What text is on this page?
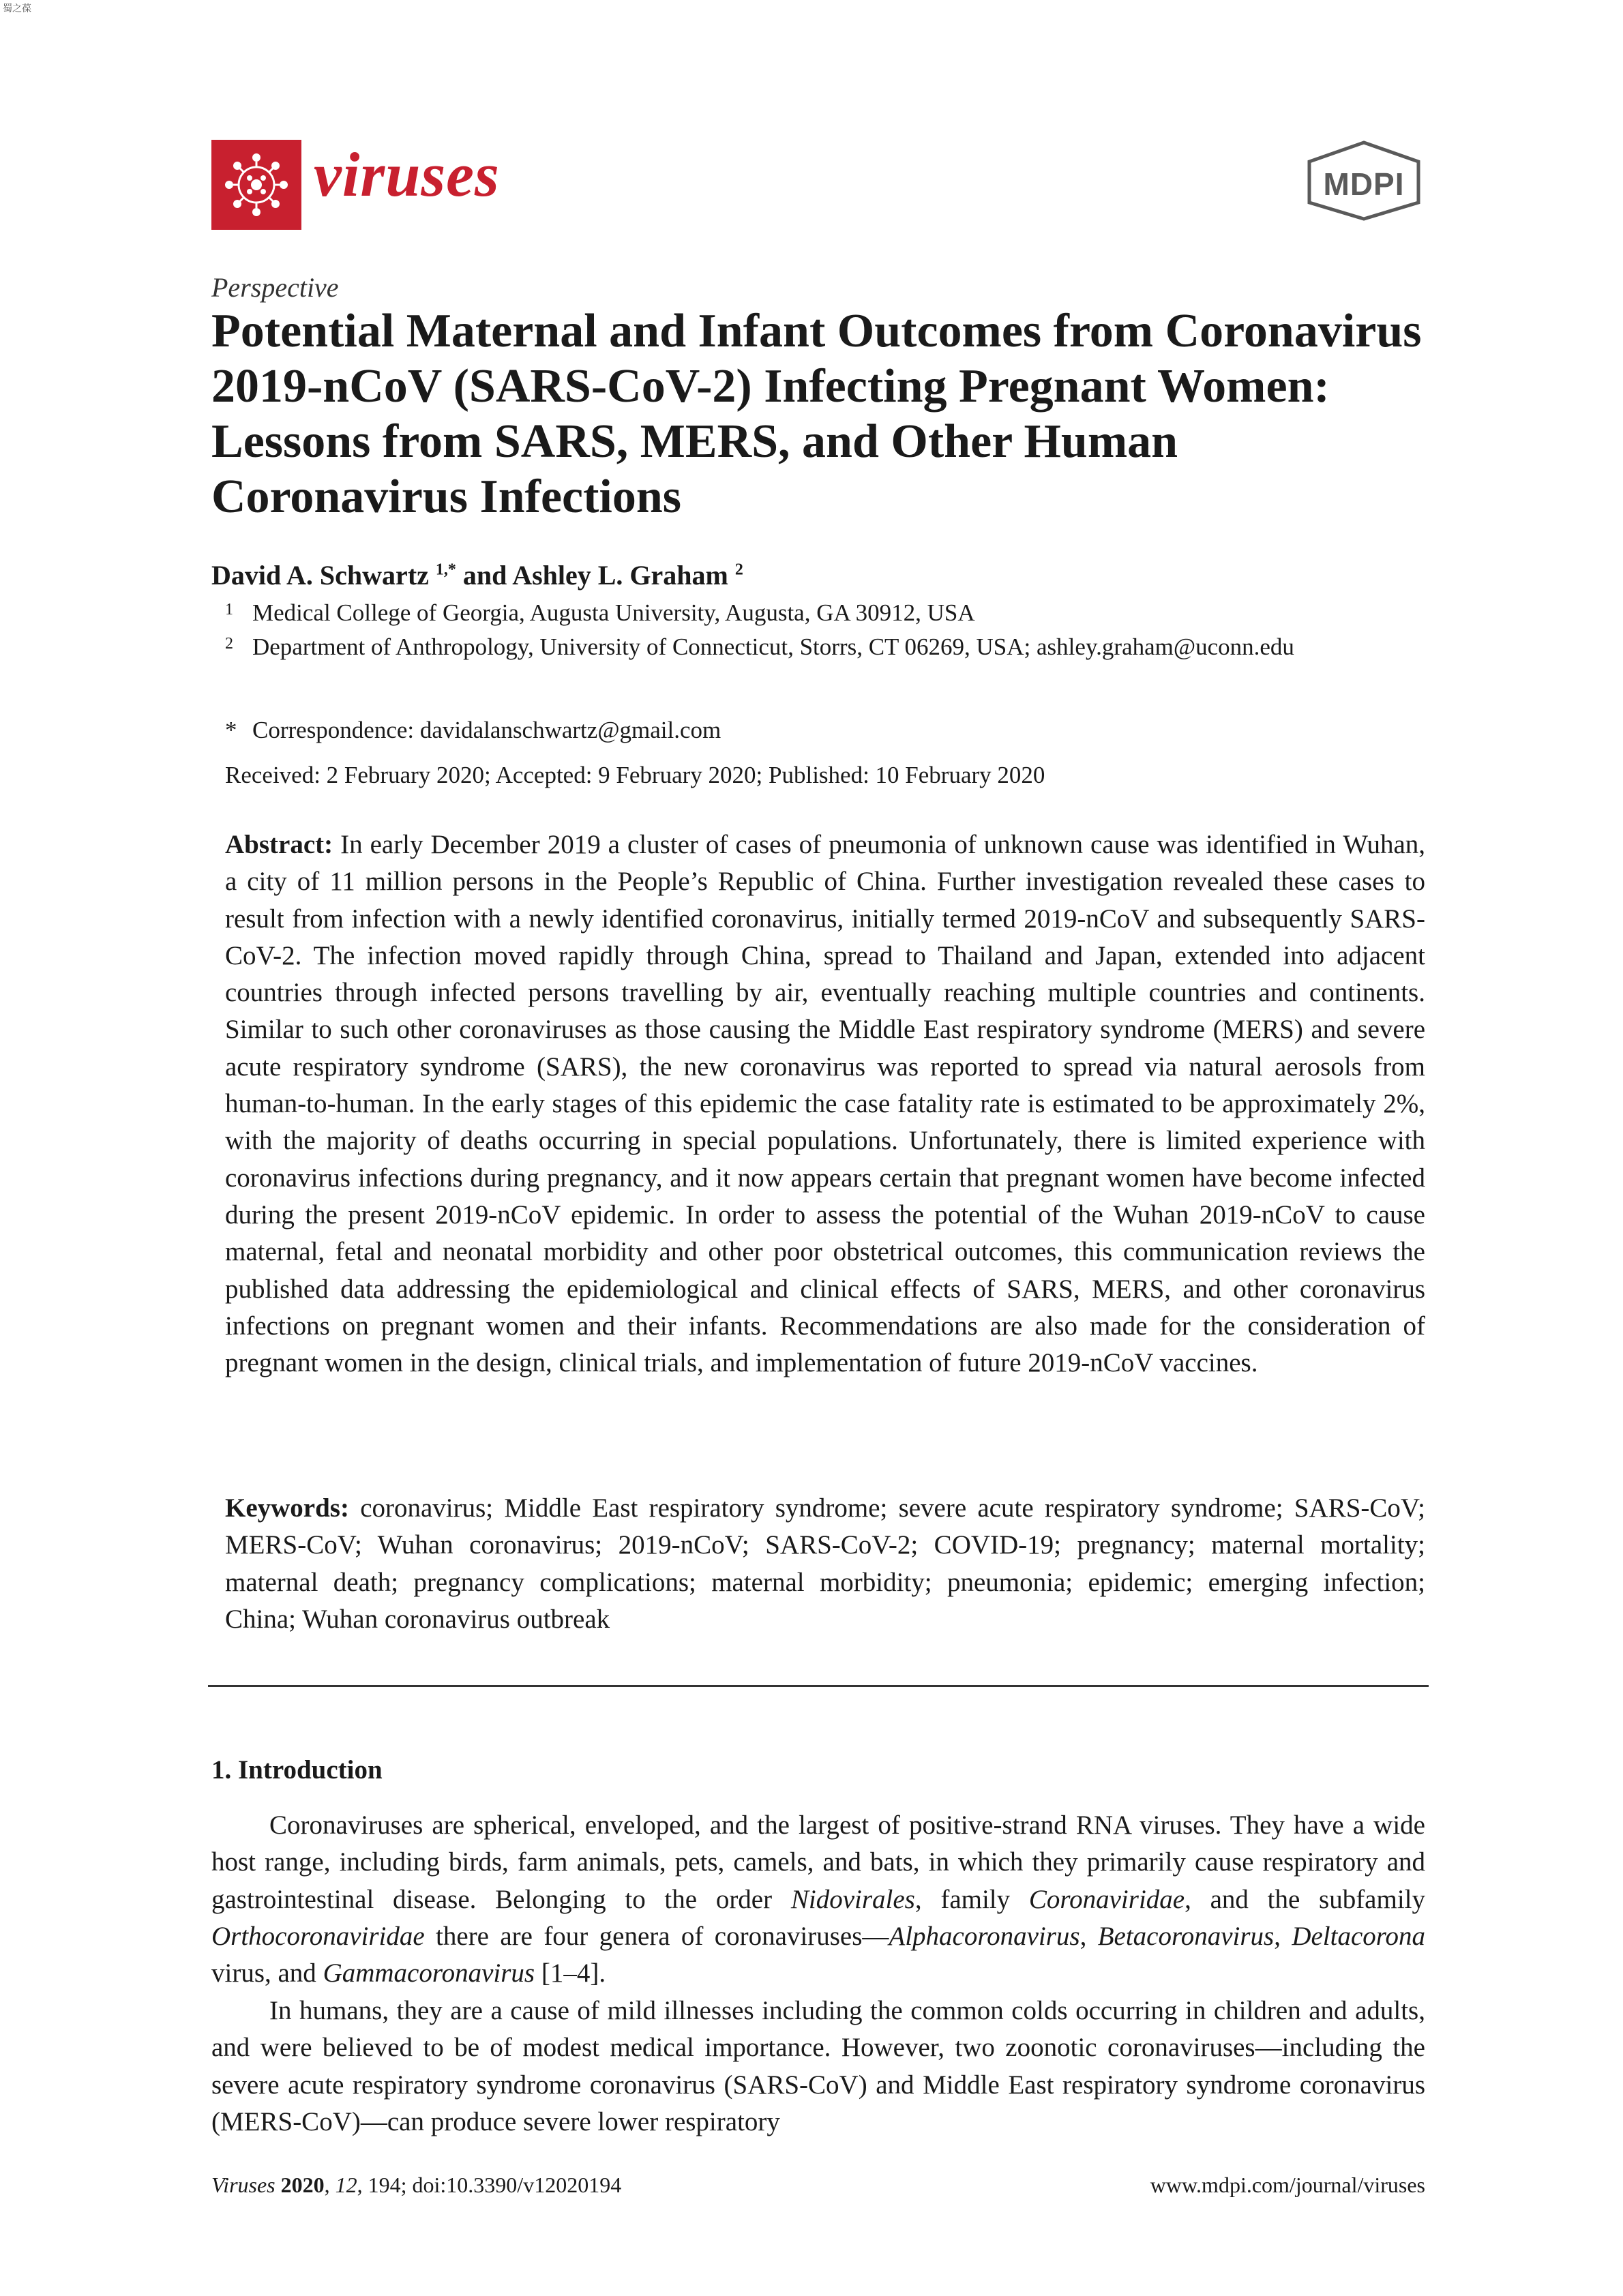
蜀之葆
viruses	MDPI
Perspective
Potential Maternal and Infant Outcomes from Coronavirus 2019-nCoV (SARS-CoV-2) Infecting Pregnant Women: Lessons from SARS, MERS, and Other Human Coronavirus Infections
David A. Schwartz $^{1,*}$ and Ashley L. Graham $^2$
1 Medical College of Georgia, Augusta University, Augusta, GA 30912, USA
2 Department of Anthropology, University of Connecticut, Storrs, CT 06269, USA; ashley.graham@uconn.edu
* Correspondence: davidalanschwartz@gmail.com
Received: 2 February 2020; Accepted: 9 February 2020; Published: 10 February 2020
Abstract: In early December 2019 a cluster of cases of pneumonia of unknown cause was identified in Wuhan, a city of 11 million persons in the People’s Republic of China. Further investigation revealed these cases to result from infection with a newly identified coronavirus, initially termed 2019-nCoV and subsequently SARS-CoV-2. The infection moved rapidly through China, spread to Thailand and Japan, extended into adjacent countries through infected persons travelling by air, eventually reaching multiple countries and continents. Similar to such other coronaviruses as those causing the Middle East respiratory syndrome (MERS) and severe acute respiratory syndrome (SARS), the new coronavirus was reported to spread via natural aerosols from human-to-human. In the early stages of this epidemic the case fatality rate is estimated to be approximately 2%, with the majority of deaths occurring in special populations. Unfortunately, there is limited experience with coronavirus infections during pregnancy, and it now appears certain that pregnant women have become infected during the present 2019-nCoV epidemic. In order to assess the potential of the Wuhan 2019-nCoV to cause maternal, fetal and neonatal morbidity and other poor obstetrical outcomes, this communication reviews the published data addressing the epidemiological and clinical effects of SARS, MERS, and other coronavirus infections on pregnant women and their infants. Recommendations are also made for the consideration of pregnant women in the design, clinical trials, and implementation of future 2019-nCoV vaccines.
Keywords: coronavirus; Middle East respiratory syndrome; severe acute respiratory syndrome; SARS-CoV; MERS-CoV; Wuhan coronavirus; 2019-nCoV; SARS-CoV-2; COVID-19; pregnancy; maternal mortality; maternal death; pregnancy complications; maternal morbidity; pneumonia; epidemic; emerging infection; China; Wuhan coronavirus outbreak
1. Introduction
Coronaviruses are spherical, enveloped, and the largest of positive-strand RNA viruses. They have a wide host range, including birds, farm animals, pets, camels, and bats, in which they primarily cause respiratory and gastrointestinal disease. Belonging to the order Nidovirales, family Coronaviridae, and the subfamily Orthocoronaviridae there are four genera of coronaviruses—Alphacoronavirus, Betacoronavirus, Deltacorona virus, and Gammacoronavirus [1–4].
In humans, they are a cause of mild illnesses including the common colds occurring in children and adults, and were believed to be of modest medical importance. However, two zoonotic coronaviruses—including the severe acute respiratory syndrome coronavirus (SARS-CoV) and Middle East respiratory syndrome coronavirus (MERS-CoV)—can produce severe lower respiratory
Viruses 2020, 12, 194; doi:10.3390/v12020194	www.mdpi.com/journal/viruses
